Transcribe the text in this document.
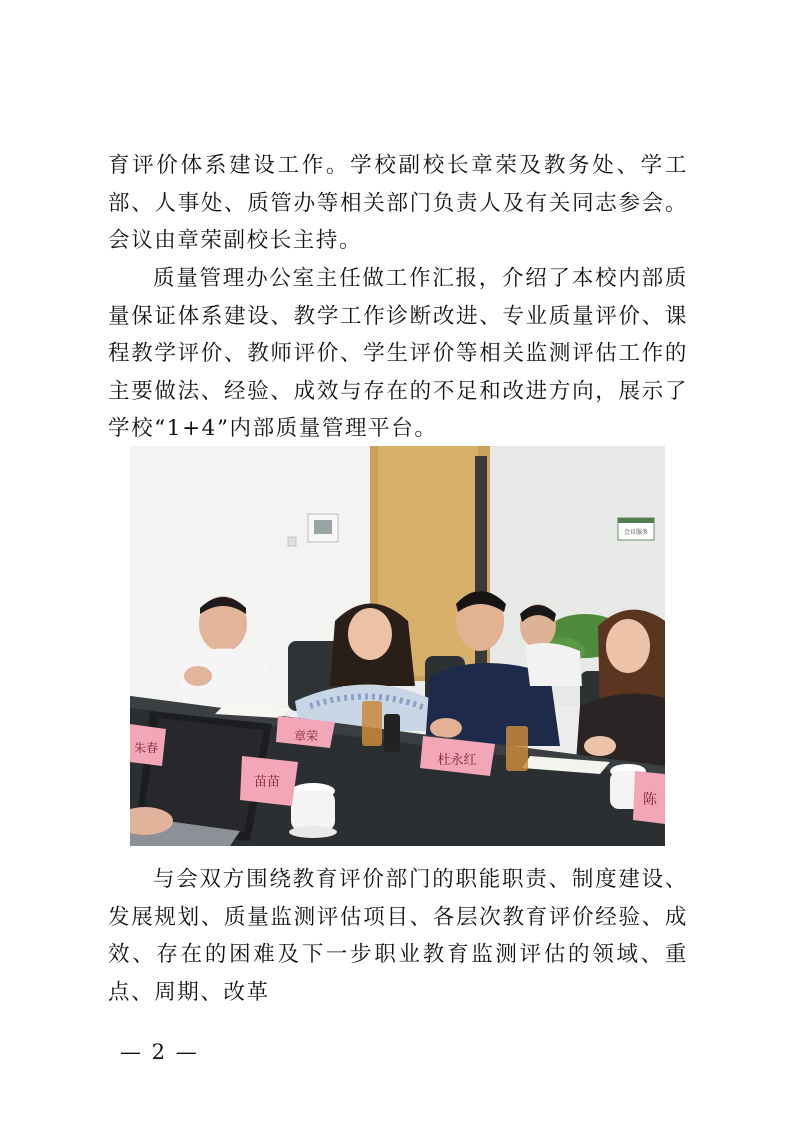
育评价体系建设工作。学校副校长章荣及教务处、学工部、人事处、质管办等相关部门负责人及有关同志参会。会议由章荣副校长主持。

质量管理办公室主任做工作汇报，介绍了本校内部质量保证体系建设、教学工作诊断改进、专业质量评价、课程教学评价、教师评价、学生评价等相关监测评估工作的主要做法、经验、成效与存在的不足和改进方向，展示了学校“1+4”内部质量管理平台。

会议服务
朱春
章荣
杜永红
苗苗
陈

与会双方围绕教育评价部门的职能职责、制度建设、发展规划、质量监测评估项目、各层次教育评价经验、成效、存在的困难及下一步职业教育监测评估的领域、重点、周期、改革

— 2 —
